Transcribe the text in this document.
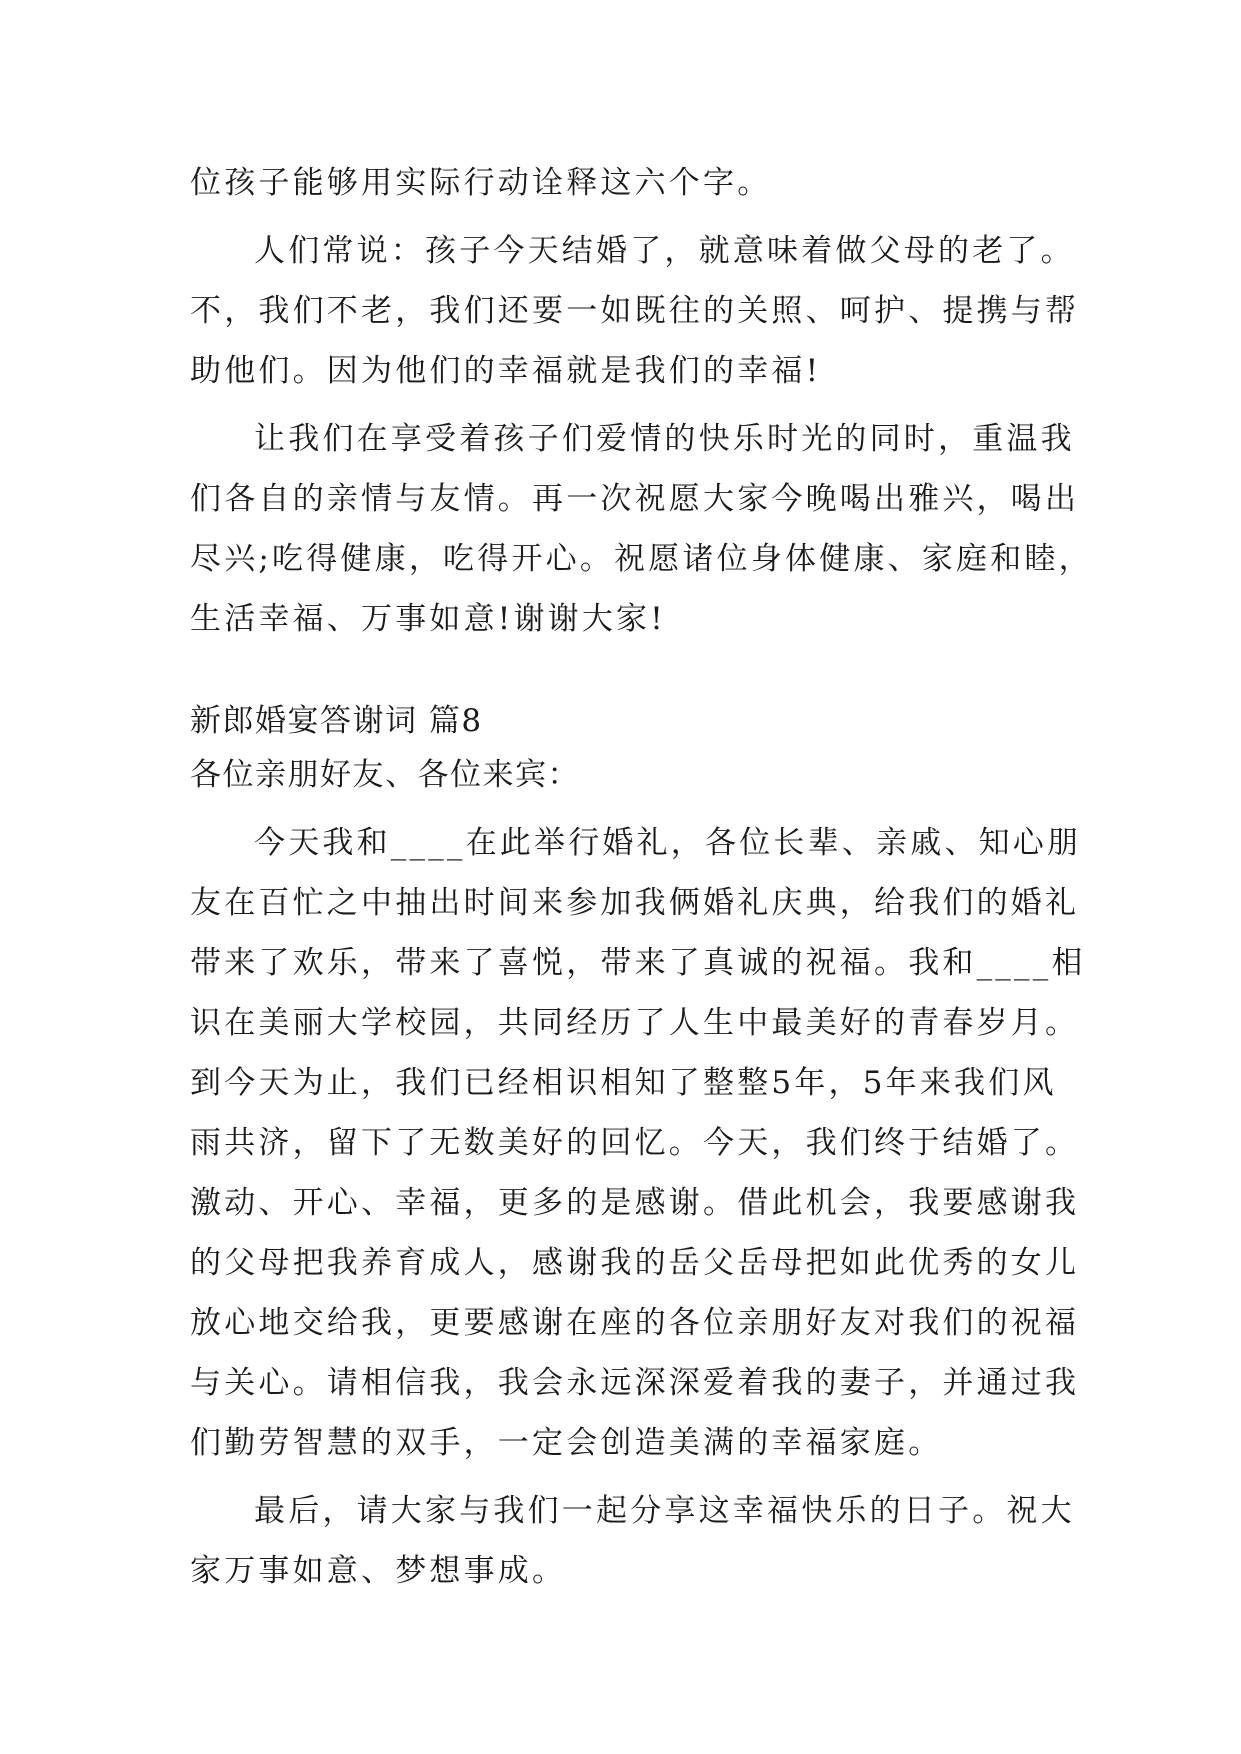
位孩子能够用实际行动诠释这六个字。

人们常说：孩子今天结婚了，就意味着做父母的老了。

不，我们不老，我们还要一如既往的关照、呵护、提携与帮

助他们。因为他们的幸福就是我们的幸福!

让我们在享受着孩子们爱情的快乐时光的同时，重温我

们各自的亲情与友情。再一次祝愿大家今晚喝出雅兴，喝出

尽兴;吃得健康，吃得开心。祝愿诸位身体健康、家庭和睦，

生活幸福、万事如意!谢谢大家!

新郎婚宴答谢词 篇8

各位亲朋好友、各位来宾：

今天我和____在此举行婚礼，各位长辈、亲戚、知心朋

友在百忙之中抽出时间来参加我俩婚礼庆典，给我们的婚礼

带来了欢乐，带来了喜悦，带来了真诚的祝福。我和____相

识在美丽大学校园，共同经历了人生中最美好的青春岁月。

到今天为止，我们已经相识相知了整整5年，5年来我们风

雨共济，留下了无数美好的回忆。今天，我们终于结婚了。

激动、开心、幸福，更多的是感谢。借此机会，我要感谢我

的父母把我养育成人，感谢我的岳父岳母把如此优秀的女儿

放心地交给我，更要感谢在座的各位亲朋好友对我们的祝福

与关心。请相信我，我会永远深深爱着我的妻子，并通过我

们勤劳智慧的双手，一定会创造美满的幸福家庭。

最后，请大家与我们一起分享这幸福快乐的日子。祝大

家万事如意、梦想事成。
